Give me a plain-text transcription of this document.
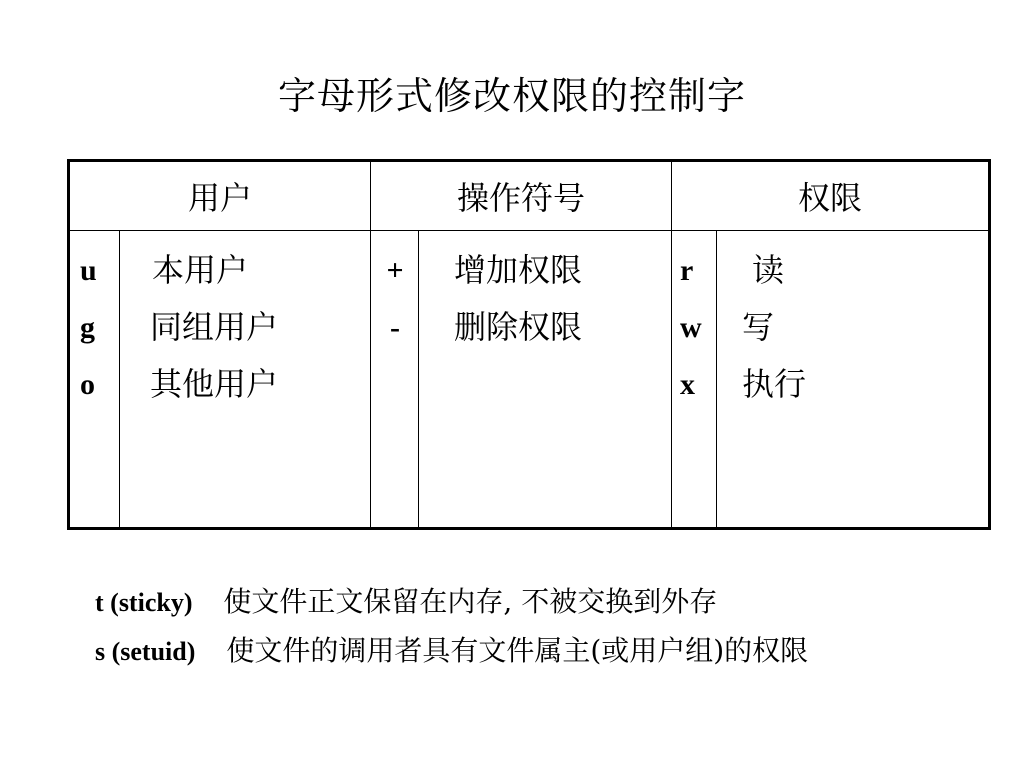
字母形式修改权限的控制字
用户	操作符号	权限
u
g
o
本用户
同组用户
其他用户
+
-
增加权限
删除权限
r
w
x
读
写
执行
t (sticky) 使文件正文保留在内存, 不被交换到外存
s (setuid) 使文件的调用者具有文件属主(或用户组)的权限
